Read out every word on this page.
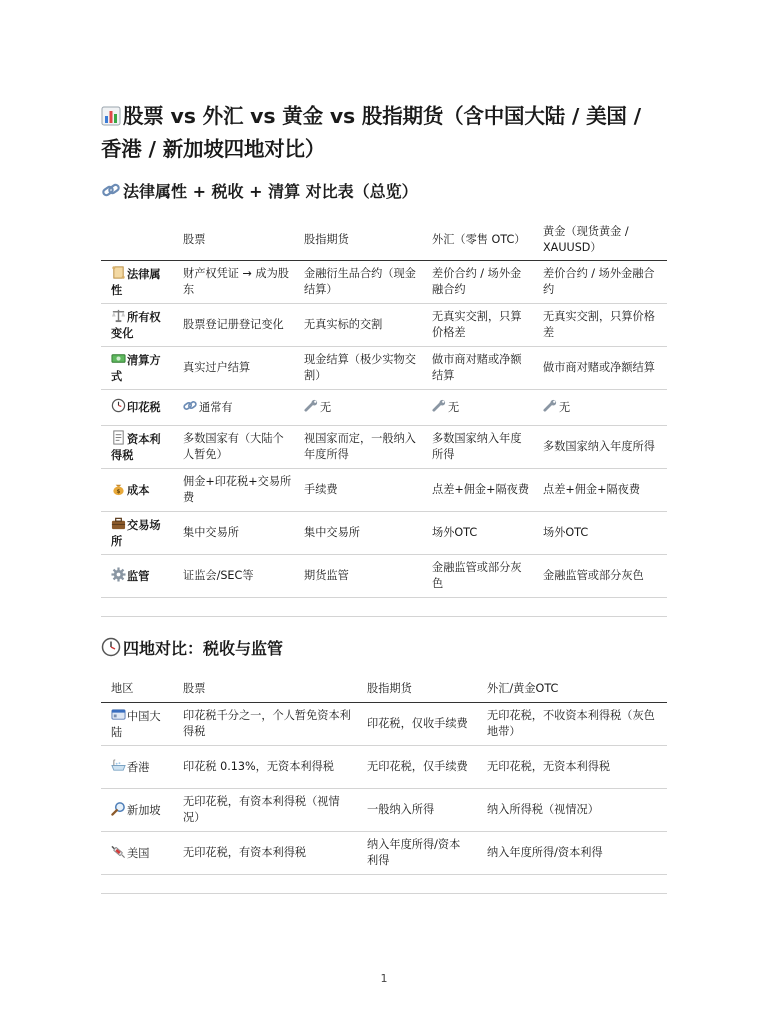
股票 vs 外汇 vs 黄金 vs 股指期货（含中国大陆 / 美国 / 香港 / 新加坡四地对比）
法律属性 + 税收 + 清算 对比表（总览）
	股票	股指期货	外汇（零售 OTC）	黄金（现货黄金 / XAUUSD）
法律属性	财产权凭证 → 成为股东	金融衍生品合约（现金结算）	差价合约 / 场外金融合约	差价合约 / 场外金融合约
所有权变化	股票登记册登记变化	无真实标的交割	无真实交割，只算价格差	无真实交割，只算价格差
清算方式	真实过户结算	现金结算（极少实物交割）	做市商对赌或净额结算	做市商对赌或净额结算
印花税	通常有	无	无	无
资本利得税	多数国家有（大陆个人暂免）	视国家而定，一般纳入年度所得	多数国家纳入年度所得	多数国家纳入年度所得

$ 成本	佣金+印花税+交易所费	手续费	点差+佣金+隔夜费	点差+佣金+隔夜费
交易场所	集中交易所	集中交易所	场外OTC	场外OTC
监管	证监会/SEC等	期货监管	金融监管或部分灰色	金融监管或部分灰色
四地对比：税收与监管
地区	股票	股指期货	外汇/黄金OTC
中国大陆	印花税千分之一，个人暂免资本利得税	印花税，仅收手续费	无印花税，不收资本利得税（灰色地带）
香港	印花税 0.13%，无资本利得税	无印花税，仅手续费	无印花税，无资本利得税
新加坡	无印花税，有资本利得税（视情况）	一般纳入所得	纳入所得税（视情况）
美国	无印花税，有资本利得税	纳入年度所得/资本利得	纳入年度所得/资本利得
1
